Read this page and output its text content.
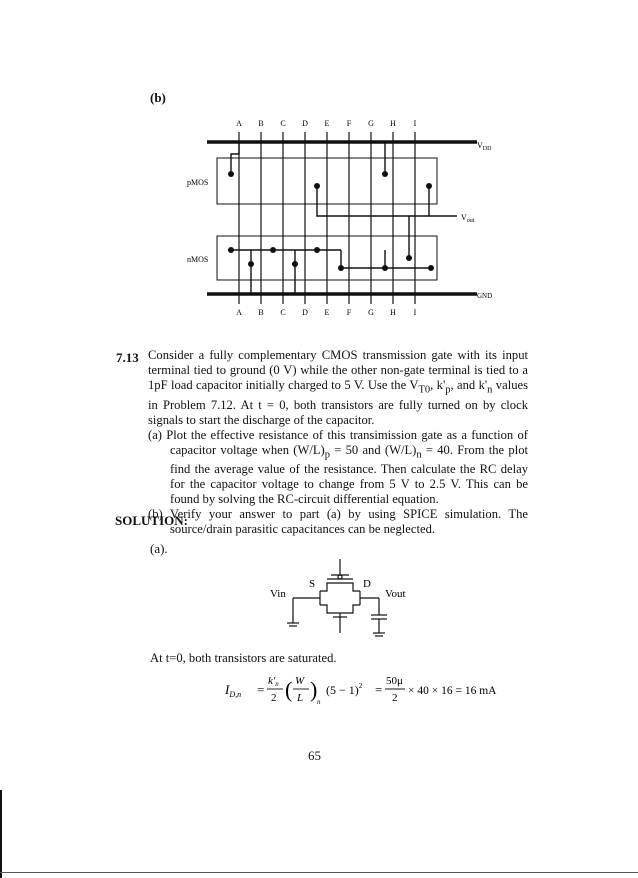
(b)
A B C D E F G H I
pMOS
nMOS
$V_{DD}$
$V_{out}$
GND
A B C D E F G H I
7.13 Consider a fully complementary CMOS transmission gate with its input terminal tied to ground (0 V) while the other non-gate terminal is tied to a 1pF load capacitor initially charged to 5 V. Use the $V_{T0}$, $k'_p$, and $k'_n$ values in Problem 7.12. At t = 0, both transistors are fully turned on by clock signals to start the discharge of the capacitor.
(a) Plot the effective resistance of this transimission gate as a function of capacitor voltage when $(W/L)_p = 50$ and $(W/L)_n = 40$. From the plot find the average value of the resistance. Then calculate the RC delay for the capacitor voltage to change from 5 V to 2.5 V. This can be found by solving the RC-circuit differential equation.
(b) Verify your answer to part (a) by using SPICE simulation. The source/drain parasitic capacitances can be neglected.
SOLUTION:
(a).
S	D
Vin	Vout
At t=0, both transistors are saturated.
$I_{D,n}$ =
k'n
2 ( W
L ) n
$(5 - 1)^2$ =
50μ
2
× 40 × 16 = 16 mA
65
